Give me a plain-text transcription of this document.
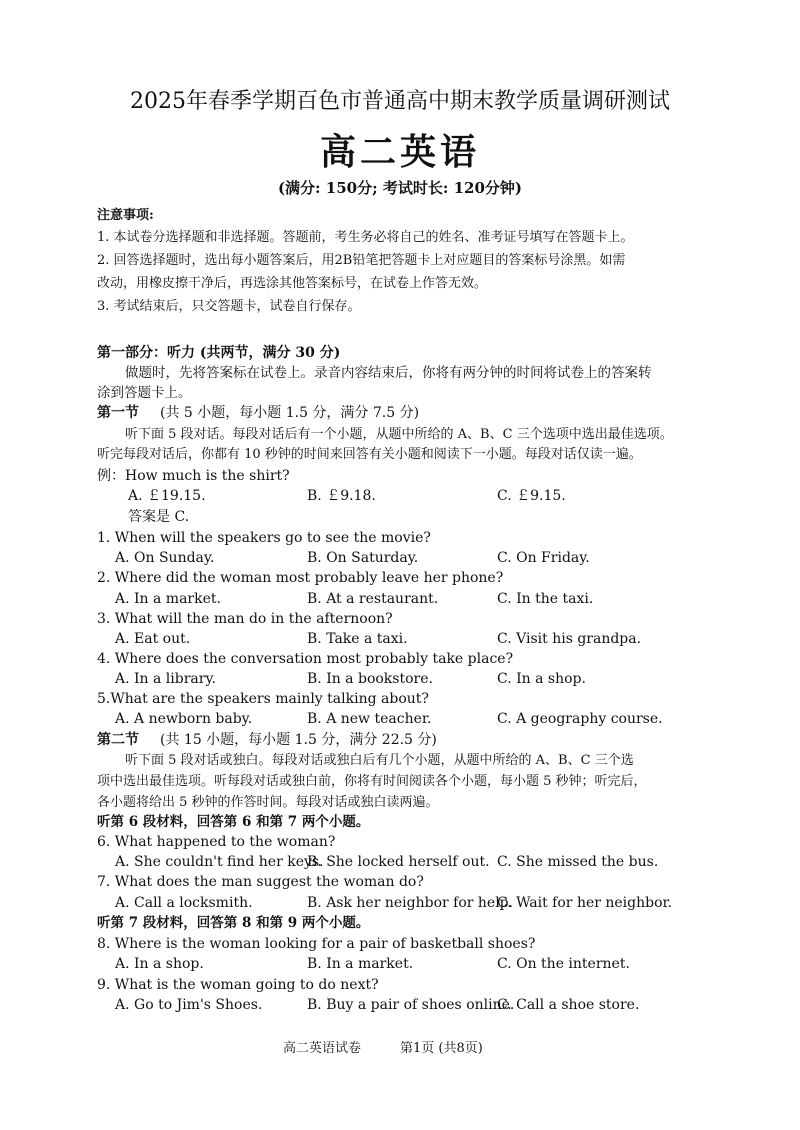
2025年春季学期百色市普通高中期末教学质量调研测试
高二英语
(满分: 150分; 考试时长: 120分钟)
注意事项:
1. 本试卷分选择题和非选择题。答题前，考生务必将自己的姓名、准考证号填写在答题卡上。
2. 回答选择题时，选出每小题答案后，用2B铅笔把答题卡上对应题目的答案标号涂黑。如需
改动，用橡皮擦干净后，再选涂其他答案标号，在试卷上作答无效。
3. 考试结束后，只交答题卡，试卷自行保存。
第一部分：听力 (共两节，满分 30 分)
做题时，先将答案标在试卷上。录音内容结束后，你将有两分钟的时间将试卷上的答案转
涂到答题卡上。
第一节 (共 5 小题，每小题 1.5 分，满分 7.5 分)
听下面 5 段对话。每段对话后有一个小题，从题中所给的 A、B、C 三个选项中选出最佳选项。
听完每段对话后，你都有 10 秒钟的时间来回答有关小题和阅读下一小题。每段对话仅读一遍。
例：How much is the shirt?
A. ￡19.15.	B. ￡9.18.	C. ￡9.15.
答案是 C.
1. When will the speakers go to see the movie?
A. On Sunday.	B. On Saturday.	C. On Friday.
2. Where did the woman most probably leave her phone?
A. In a market.	B. At a restaurant.	C. In the taxi.
3. What will the man do in the afternoon?
A. Eat out.	B. Take a taxi.	C. Visit his grandpa.
4. Where does the conversation most probably take place?
A. In a library.	B. In a bookstore.	C. In a shop.
5.What are the speakers mainly talking about?
A. A newborn baby.	B. A new teacher.	C. A geography course.
第二节 (共 15 小题，每小题 1.5 分，满分 22.5 分)
听下面 5 段对话或独白。每段对话或独白后有几个小题，从题中所给的 A、B、C 三个选
项中选出最佳选项。听每段对话或独白前，你将有时间阅读各个小题，每小题 5 秒钟；听完后，
各小题将给出 5 秒钟的作答时间。每段对话或独白读两遍。
听第 6 段材料，回答第 6 和第 7 两个小题。
6. What happened to the woman?
A. She couldn't find her keys.
B. She locked herself out. C. She missed the bus.
7. What does the man suggest the woman do?
A. Call a locksmith.	B. Ask her neighbor for help.
C. Wait for her neighbor.
听第 7 段材料，回答第 8 和第 9 两个小题。
8. Where is the woman looking for a pair of basketball shoes?
A. In a shop.	B. In a market.	C. On the internet.
9. What is the woman going to do next?
A. Go to Jim's Shoes.	B. Buy a pair of shoes online.
C. Call a shoe store.
高二英语试卷	第1页 (共8页)
